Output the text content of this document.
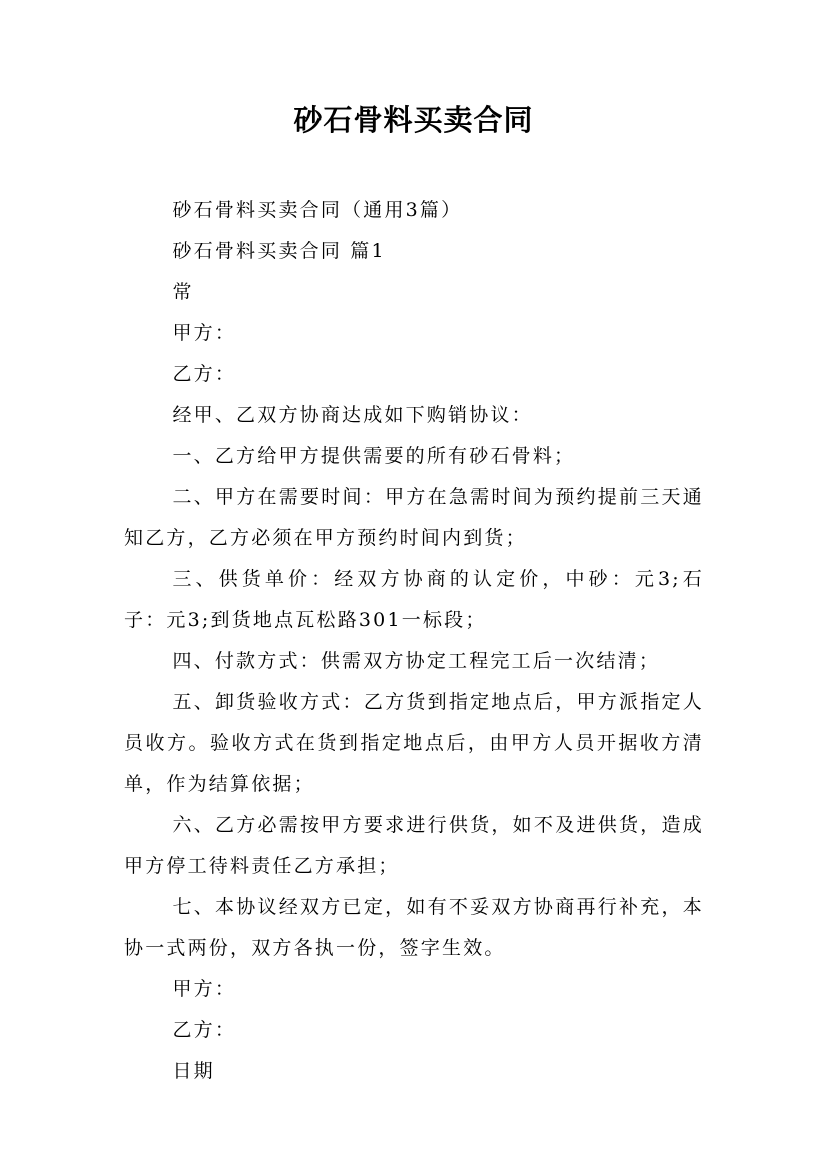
砂石骨料买卖合同

砂石骨料买卖合同（通用3篇）

砂石骨料买卖合同 篇1

常

甲方：

乙方：

经甲、乙双方协商达成如下购销协议：

一、乙方给甲方提供需要的所有砂石骨料；

二、甲方在需要时间：甲方在急需时间为预约提前三天通知乙方，乙方必须在甲方预约时间内到货；

三、供货单价：经双方协商的认定价，中砂：元3;石子：元3;到货地点瓦松路301一标段；

四、付款方式：供需双方协定工程完工后一次结清；

五、卸货验收方式：乙方货到指定地点后，甲方派指定人员收方。验收方式在货到指定地点后，由甲方人员开据收方清单，作为结算依据；

六、乙方必需按甲方要求进行供货，如不及进供货，造成甲方停工待料责任乙方承担；

七、本协议经双方已定，如有不妥双方协商再行补充，本协一式两份，双方各执一份，签字生效。

甲方：

乙方：

日期
